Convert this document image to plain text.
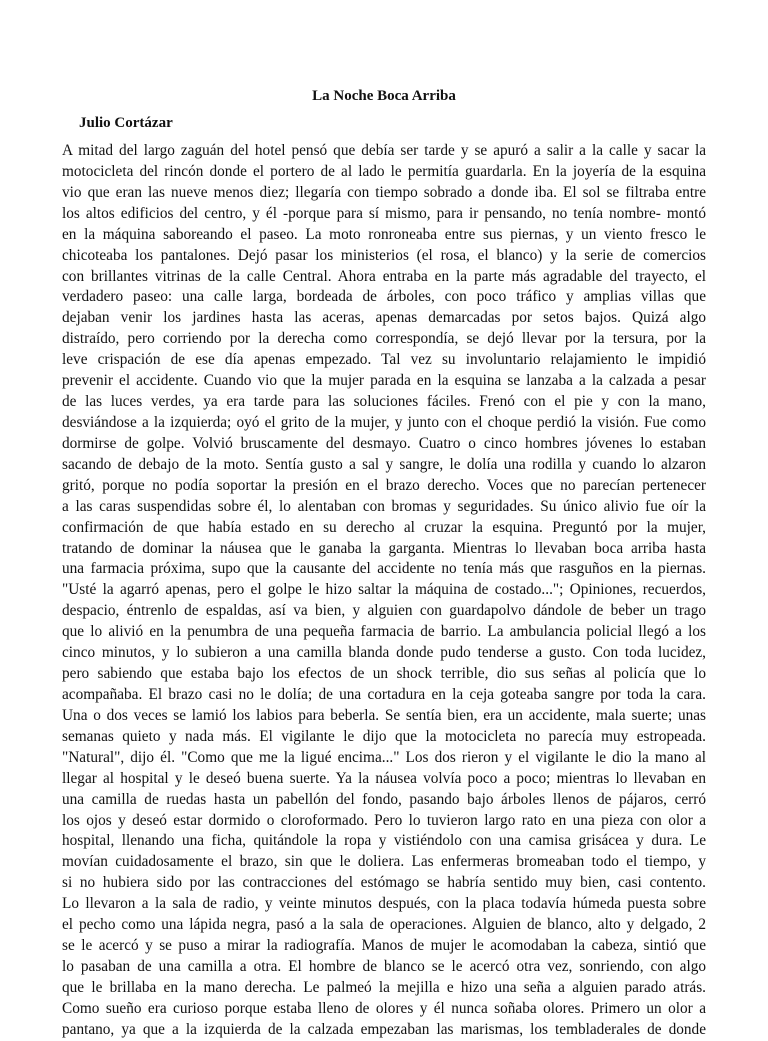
La Noche Boca Arriba
Julio Cortázar
A mitad del largo zaguán del hotel pensó que debía ser tarde y se apuró a salir a la calle y sacar la
motocicleta del rincón donde el portero de al lado le permitía guardarla. En la joyería de la esquina
vio que eran las nueve menos diez; llegaría con tiempo sobrado a donde iba. El sol se filtraba entre
los altos edificios del centro, y él -porque para sí mismo, para ir pensando, no tenía nombre- montó
en la máquina saboreando el paseo. La moto ronroneaba entre sus piernas, y un viento fresco le
chicoteaba los pantalones. Dejó pasar los ministerios (el rosa, el blanco) y la serie de comercios
con brillantes vitrinas de la calle Central. Ahora entraba en la parte más agradable del trayecto, el
verdadero paseo: una calle larga, bordeada de árboles, con poco tráfico y amplias villas que
dejaban venir los jardines hasta las aceras, apenas demarcadas por setos bajos. Quizá algo
distraído, pero corriendo por la derecha como correspondía, se dejó llevar por la tersura, por la
leve crispación de ese día apenas empezado. Tal vez su involuntario relajamiento le impidió
prevenir el accidente. Cuando vio que la mujer parada en la esquina se lanzaba a la calzada a pesar
de las luces verdes, ya era tarde para las soluciones fáciles. Frenó con el pie y con la mano,
desviándose a la izquierda; oyó el grito de la mujer, y junto con el choque perdió la visión. Fue como
dormirse de golpe. Volvió bruscamente del desmayo. Cuatro o cinco hombres jóvenes lo estaban
sacando de debajo de la moto. Sentía gusto a sal y sangre, le dolía una rodilla y cuando lo alzaron
gritó, porque no podía soportar la presión en el brazo derecho. Voces que no parecían pertenecer
a las caras suspendidas sobre él, lo alentaban con bromas y seguridades. Su único alivio fue oír la
confirmación de que había estado en su derecho al cruzar la esquina. Preguntó por la mujer,
tratando de dominar la náusea que le ganaba la garganta. Mientras lo llevaban boca arriba hasta
una farmacia próxima, supo que la causante del accidente no tenía más que rasguños en la piernas.
"Usté la agarró apenas, pero el golpe le hizo saltar la máquina de costado..."; Opiniones, recuerdos,
despacio, éntrenlo de espaldas, así va bien, y alguien con guardapolvo dándole de beber un trago
que lo alivió en la penumbra de una pequeña farmacia de barrio. La ambulancia policial llegó a los
cinco minutos, y lo subieron a una camilla blanda donde pudo tenderse a gusto. Con toda lucidez,
pero sabiendo que estaba bajo los efectos de un shock terrible, dio sus señas al policía que lo
acompañaba. El brazo casi no le dolía; de una cortadura en la ceja goteaba sangre por toda la cara.
Una o dos veces se lamió los labios para beberla. Se sentía bien, era un accidente, mala suerte; unas
semanas quieto y nada más. El vigilante le dijo que la motocicleta no parecía muy estropeada.
"Natural", dijo él. "Como que me la ligué encima..." Los dos rieron y el vigilante le dio la mano al
llegar al hospital y le deseó buena suerte. Ya la náusea volvía poco a poco; mientras lo llevaban en
una camilla de ruedas hasta un pabellón del fondo, pasando bajo árboles llenos de pájaros, cerró
los ojos y deseó estar dormido o cloroformado. Pero lo tuvieron largo rato en una pieza con olor a
hospital, llenando una ficha, quitándole la ropa y vistiéndolo con una camisa grisácea y dura. Le
movían cuidadosamente el brazo, sin que le doliera. Las enfermeras bromeaban todo el tiempo, y
si no hubiera sido por las contracciones del estómago se habría sentido muy bien, casi contento.
Lo llevaron a la sala de radio, y veinte minutos después, con la placa todavía húmeda puesta sobre
el pecho como una lápida negra, pasó a la sala de operaciones. Alguien de blanco, alto y delgado, 2
se le acercó y se puso a mirar la radiografía. Manos de mujer le acomodaban la cabeza, sintió que
lo pasaban de una camilla a otra. El hombre de blanco se le acercó otra vez, sonriendo, con algo
que le brillaba en la mano derecha. Le palmeó la mejilla e hizo una seña a alguien parado atrás.
Como sueño era curioso porque estaba lleno de olores y él nunca soñaba olores. Primero un olor a
pantano, ya que a la izquierda de la calzada empezaban las marismas, los tembladerales de donde
